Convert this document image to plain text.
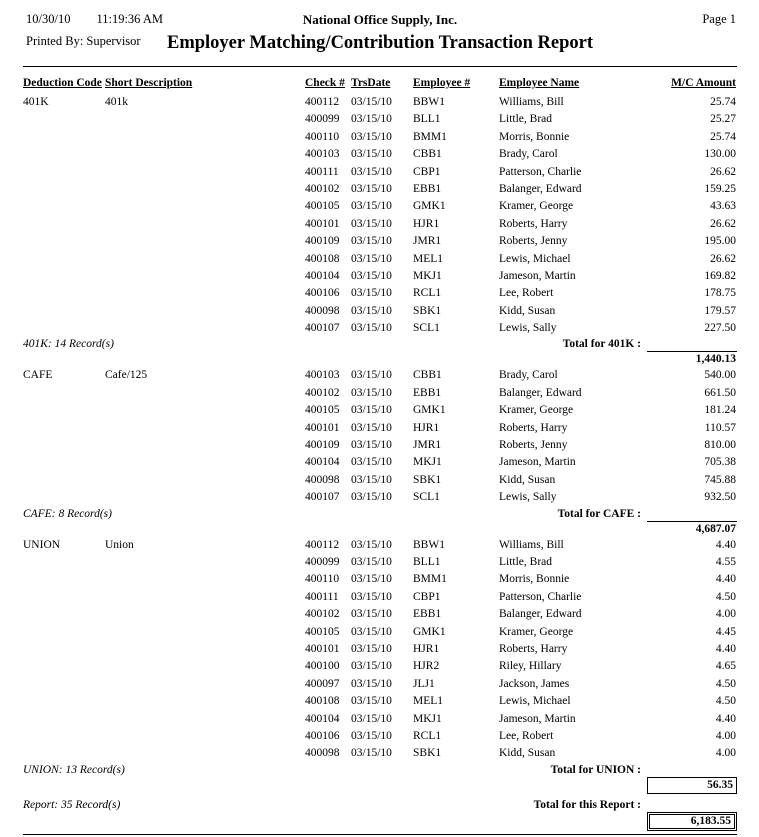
10/30/10 11:19:36 AM
Printed By: Supervisor
National Office Supply, Inc.
Employer Matching/Contribution Transaction Report
Page 1
Deduction Code Short Description	Check # TrsDate	Employee #	Employee Name	M/C Amount
401K	401k	400112	03/15/10	BBW1	Williams, Bill	25.74
400099	03/15/10	BLL1	Little, Brad	25.27
400110	03/15/10	BMM1	Morris, Bonnie	25.74
400103	03/15/10	CBB1	Brady, Carol	130.00
400111	03/15/10	CBP1	Patterson, Charlie	26.62
400102	03/15/10	EBB1	Balanger, Edward	159.25
400105	03/15/10	GMK1	Kramer, George	43.63
400101	03/15/10	HJR1	Roberts, Harry	26.62
400109	03/15/10	JMR1	Roberts, Jenny	195.00
400108	03/15/10	MEL1	Lewis, Michael	26.62
400104	03/15/10	MKJ1	Jameson, Martin	169.82
400106	03/15/10	RCL1	Lee, Robert	178.75
400098	03/15/10	SBK1	Kidd, Susan	179.57
400107	03/15/10	SCL1	Lewis, Sally	227.50
401K: 14 Record(s)	Total for 401K :
1,440.13
CAFE	Cafe/125	400103	03/15/10	CBB1	Brady, Carol	540.00
400102	03/15/10	EBB1	Balanger, Edward	661.50
400105	03/15/10	GMK1	Kramer, George	181.24
400101	03/15/10	HJR1	Roberts, Harry	110.57
400109	03/15/10	JMR1	Roberts, Jenny	810.00
400104	03/15/10	MKJ1	Jameson, Martin	705.38
400098	03/15/10	SBK1	Kidd, Susan	745.88
400107	03/15/10	SCL1	Lewis, Sally	932.50
CAFE: 8 Record(s)	Total for CAFE :
4,687.07
UNION	Union	400112	03/15/10	BBW1	Williams, Bill	4.40
400099	03/15/10	BLL1	Little, Brad	4.55
400110	03/15/10	BMM1	Morris, Bonnie	4.40
400111	03/15/10	CBP1	Patterson, Charlie	4.50
400102	03/15/10	EBB1	Balanger, Edward	4.00
400105	03/15/10	GMK1	Kramer, George	4.45
400101	03/15/10	HJR1	Roberts, Harry	4.40
400100	03/15/10	HJR2	Riley, Hillary	4.65
400097	03/15/10	JLJ1	Jackson, James	4.50
400108	03/15/10	MEL1	Lewis, Michael	4.50
400104	03/15/10	MKJ1	Jameson, Martin	4.40
400106	03/15/10	RCL1	Lee, Robert	4.00
400098	03/15/10	SBK1	Kidd, Susan	4.00
UNION: 13 Record(s)	Total for UNION :
56.35
Report: 35 Record(s)	Total for this Report :
6,183.55
